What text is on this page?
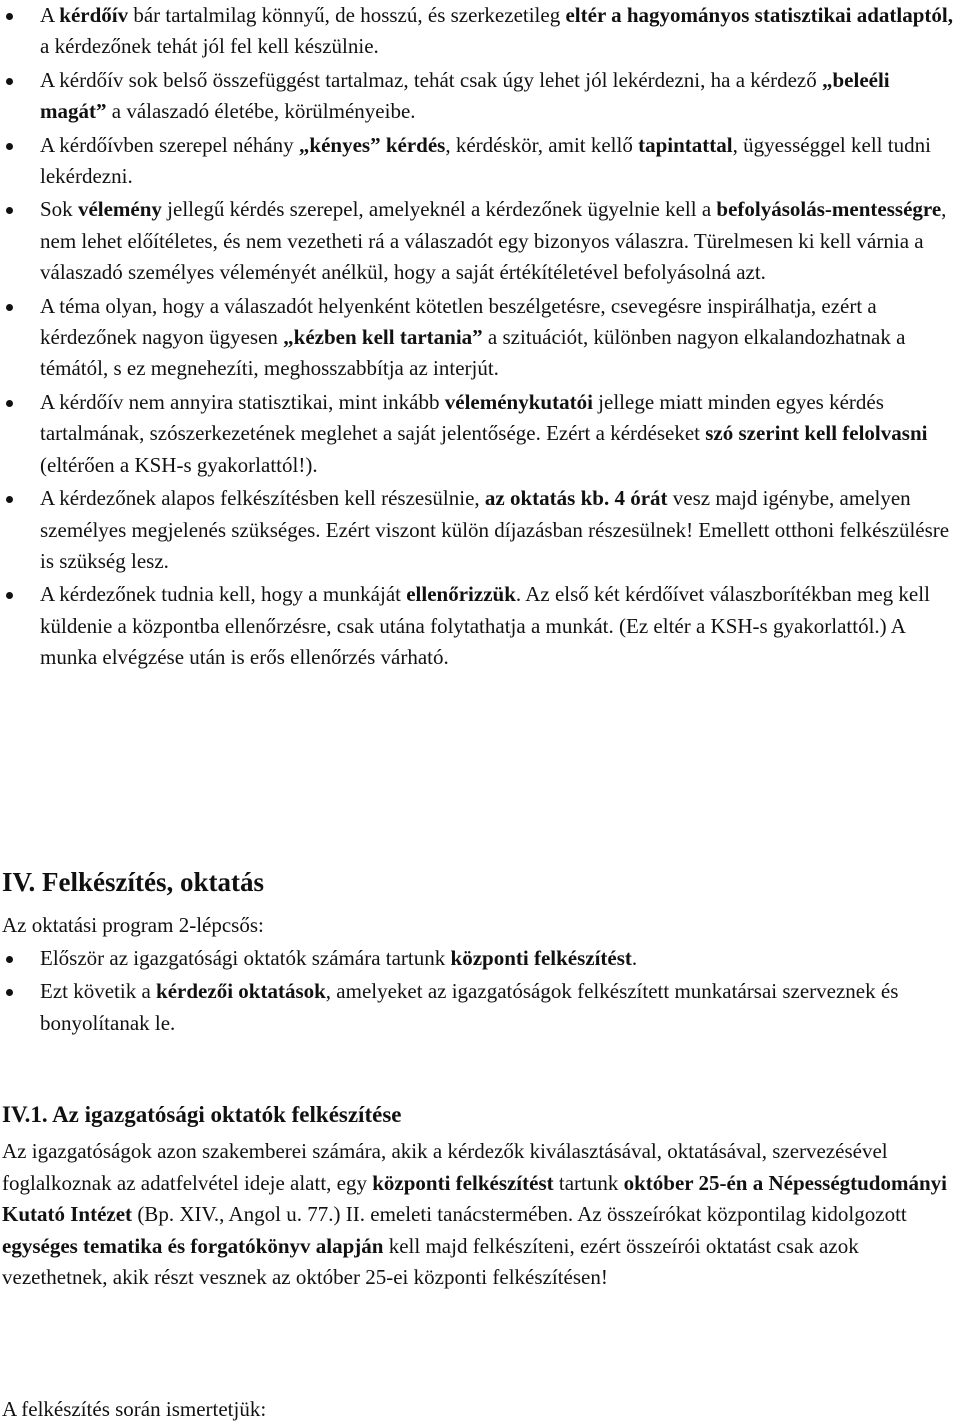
A kérdőív bár tartalmilag könnyű, de hosszú, és szerkezetileg eltér a hagyományos statisztikai adatlaptól, a kérdezőnek tehát jól fel kell készülnie.
A kérdőív sok belső összefüggést tartalmaz, tehát csak úgy lehet jól lekérdezni, ha a kérdező „beleéli magát” a válaszadó életébe, körülményeibe.
A kérdőívben szerepel néhány „kényes” kérdés, kérdéskör, amit kellő tapintattal, ügyességgel kell tudni lekérdezni.
Sok vélemény jellegű kérdés szerepel, amelyeknél a kérdezőnek ügyelnie kell a befolyásolás-mentességre, nem lehet előítéletes, és nem vezetheti rá a válaszadót egy bizonyos válaszra. Türelmesen ki kell várnia a válaszadó személyes véleményét anélkül, hogy a saját értékítéletével befolyásolná azt.
A téma olyan, hogy a válaszadót helyenként kötetlen beszélgetésre, csevegésre inspirálhatja, ezért a kérdezőnek nagyon ügyesen „kézben kell tartania” a szituációt, különben nagyon elkalandozhatnak a témától, s ez megnehezíti, meghosszabbítja az interjút.
A kérdőív nem annyira statisztikai, mint inkább véleménykutatói jellege miatt minden egyes kérdés tartalmának, szószerkezetének meglehet a saját jelentősége. Ezért a kérdéseket szó szerint kell felolvasni (eltérően a KSH-s gyakorlattól!).
A kérdezőnek alapos felkészítésben kell részesülnie, az oktatás kb. 4 órát vesz majd igénybe, amelyen személyes megjelenés szükséges. Ezért viszont külön díjazásban részesülnek! Emellett otthoni felkészülésre is szükség lesz.
A kérdezőnek tudnia kell, hogy a munkáját ellenőrizzük. Az első két kérdőívet válaszborítékban meg kell küldenie a központba ellenőrzésre, csak utána folytathatja a munkát. (Ez eltér a KSH-s gyakorlattól.) A munka elvégzése után is erős ellenőrzés várható.
IV. Felkészítés, oktatás

Az oktatási program 2-lépcsős:

Először az igazgatósági oktatók számára tartunk központi felkészítést.
Ezt követik a kérdezői oktatások, amelyeket az igazgatóságok felkészített munkatársai szerveznek és bonyolítanak le.
IV.1. Az igazgatósági oktatók felkészítése

Az igazgatóságok azon szakemberei számára, akik a kérdezők kiválasztásával, oktatásával, szervezésével foglalkoznak az adatfelvétel ideje alatt, egy központi felkészítést tartunk október 25-én a Népességtudományi Kutató Intézet (Bp. XIV., Angol u. 77.) II. emeleti tanácstermében. Az összeírókat központilag kidolgozott egységes tematika és forgatókönyv alapján kell majd felkészíteni, ezért összeírói oktatást csak azok vezethetnek, akik részt vesznek az október 25-ei központi felkészítésen!

A felkészítés során ismertetjük:
